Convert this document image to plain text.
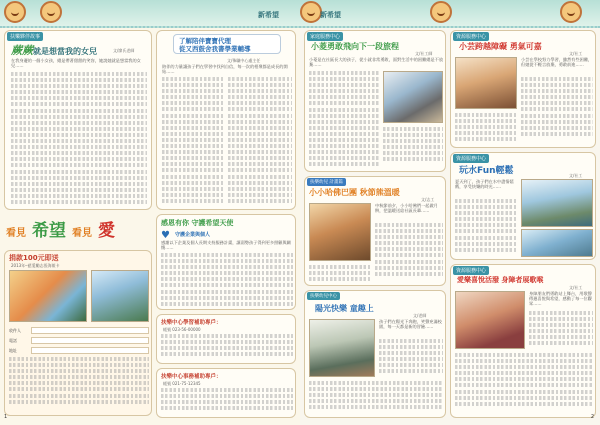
新希望	新希望
扶樂夥伴故事
蕨蕨就是想當我的女兒	文/廖氏老師
在我身邊的一個小女孩，總是帶著甜甜的笑容，她說她就是想當我的女兒……
了解陪伴寶寶代理
從又西鼓舍我書學業輔導
文/佈職中心處主任
陪伴的力量讓孩子們在學習中找到自信，每一次的相聚都是成長的開始……
看見 希望 看見 愛
捐款100元即送
2013年─慈愛勵志張海報卡
收件人
電話
地址
感恩有你 守護希望天使
♥ 守護企業與個人
感謝以下企業及個人長期支持服務計畫，讓弱勢孩子得到更多照顧與關懷……
扶樂中心學習補助專戶：
帳號 023-56-00000
扶樂中心事務補助專戶：
帳號 021-75-12345
1
家庭服務中心
小菱勇敢飛向下一段旅程
文/社工師
小菱是在社區長大的孩子，從小就非常勇敢，面對生活中的困難總是不放棄……
扶樂幼兒 計畫篇
小小哈佛巴團 秋節熊溫暖
文/志工
中秋節前夕，小小哈佛們一起做月餅，把溫暖送給社區長輩……
扶樂幼兒中心
陽光快樂 童趣上
文/老師
孩子們在陽光下奔跑，笑聲充滿校園，每一天都是新的冒險……
資源服務中心
小芸跨越障礙 勇氣可嘉
文/社工
小芸在學校努力學習，雖然有些困難，但她從不輕言放棄，勇敢前進……
資源服務中心
玩水Fun輕鬆	文/社工
夏天到了，孩子們在水中盡情嬉戲，享受快樂的時光……
資源服務中心
愛樂喜悅活潑 身障者展歌喉
文/社工
身障朋友們勇敢站上舞台，用歌聲傳遞喜悅與希望，感動了每一位觀眾……
2
